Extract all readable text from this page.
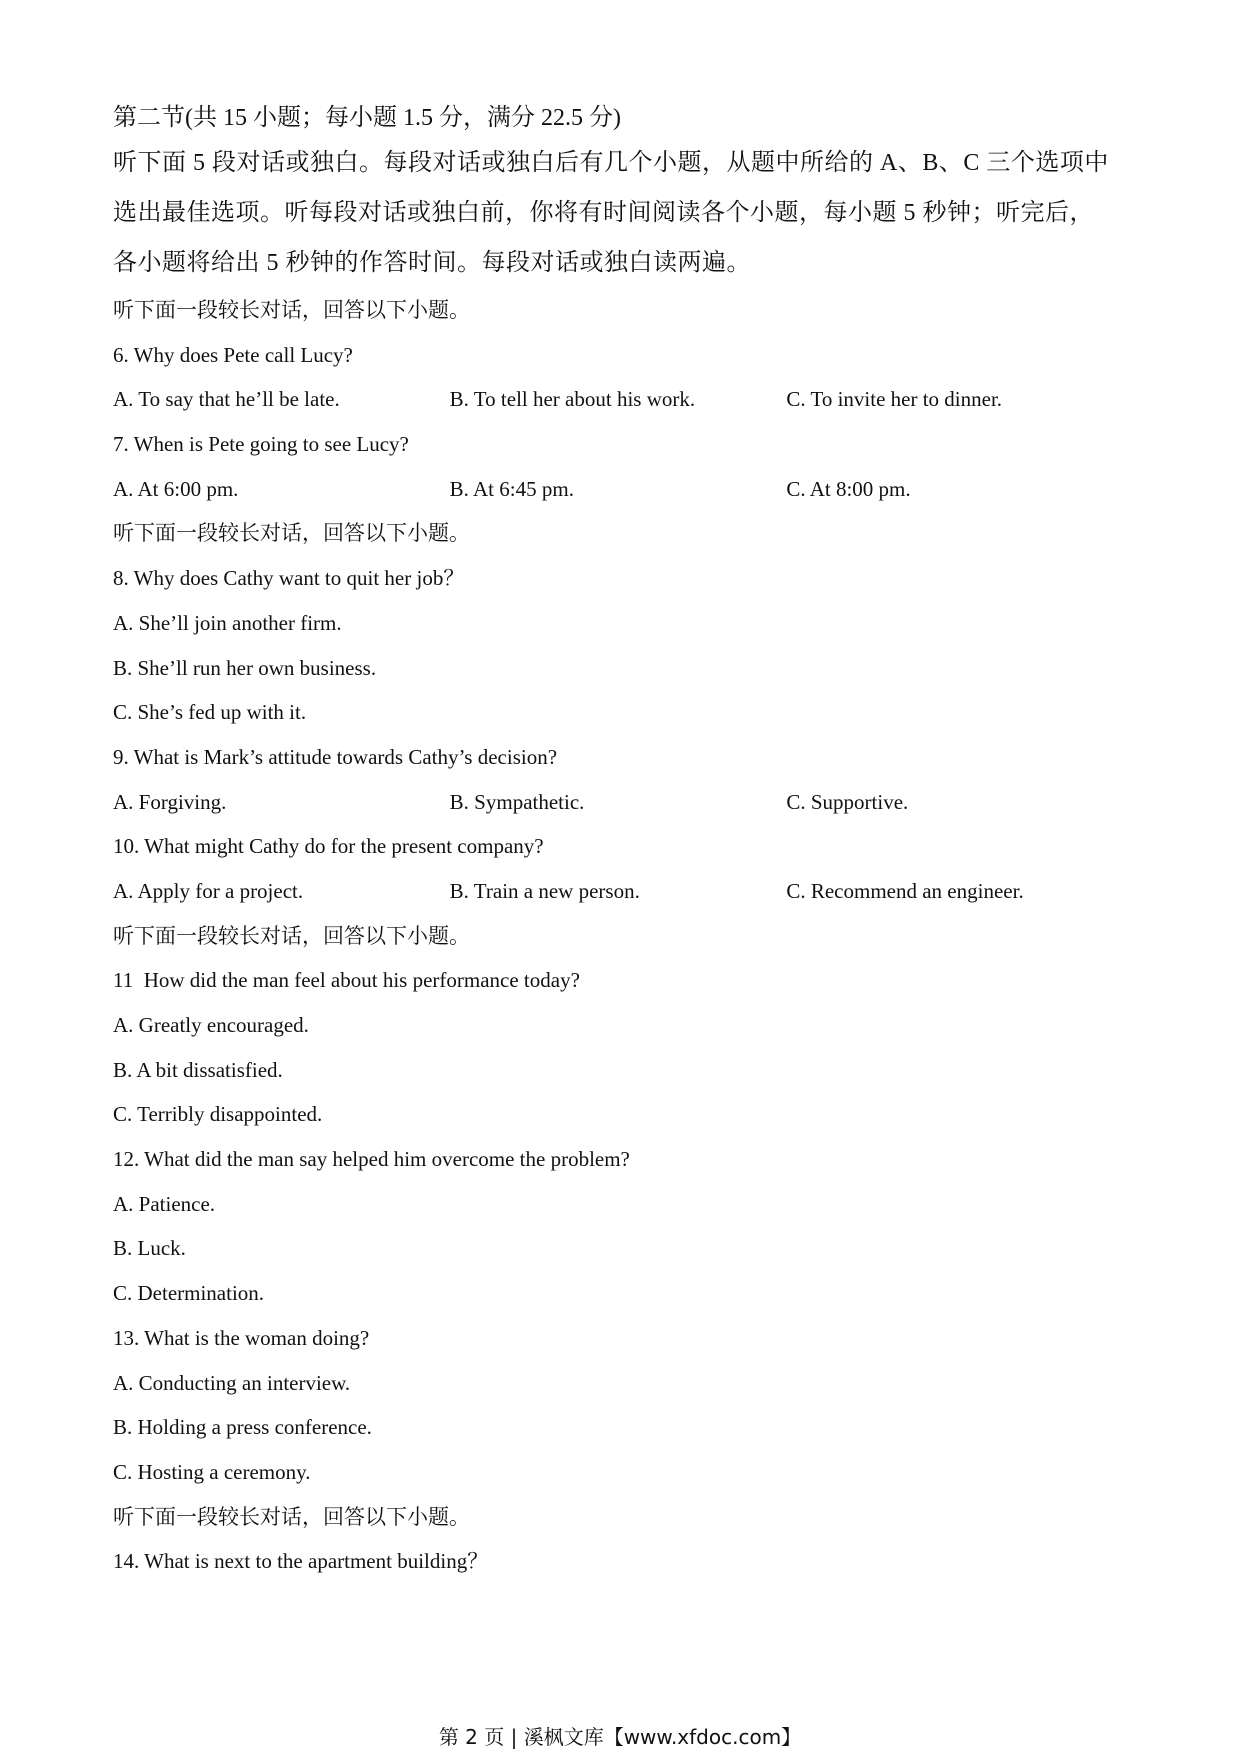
第二节(共 15 小题；每小题 1.5 分，满分 22.5 分)
听下面 5 段对话或独白。每段对话或独白后有几个小题，从题中所给的 A、B、C 三个选项中
选出最佳选项。听每段对话或独白前，你将有时间阅读各个小题，每小题 5 秒钟；听完后，
各小题将给出 5 秒钟的作答时间。每段对话或独白读两遍。
听下面一段较长对话，回答以下小题。
6. Why does Pete call Lucy?
A. To say that he’ll be late.	B. To tell her about his work.	C. To invite her to dinner.
7. When is Pete going to see Lucy?
A. At 6:00 pm.	B. At 6:45 pm.	C. At 8:00 pm.
听下面一段较长对话，回答以下小题。
8. Why does Cathy want to quit her job？
A. She’ll join another firm.
B. She’ll run her own business.
C. She’s fed up with it.
9. What is Mark’s attitude towards Cathy’s decision?
A. Forgiving.	B. Sympathetic.	C. Supportive.
10. What might Cathy do for the present company?
A. Apply for a project.	B. Train a new person.	C. Recommend an engineer.
听下面一段较长对话，回答以下小题。
11  How did the man feel about his performance today?
A. Greatly encouraged.
B. A bit dissatisfied.
C. Terribly disappointed.
12. What did the man say helped him overcome the problem?
A. Patience.
B. Luck.
C. Determination.
13. What is the woman doing?
A. Conducting an interview.
B. Holding a press conference.
C. Hosting a ceremony.
听下面一段较长对话，回答以下小题。
14. What is next to the apartment building？
第 2 页 | 溪枫文库【www.xfdoc.com】
